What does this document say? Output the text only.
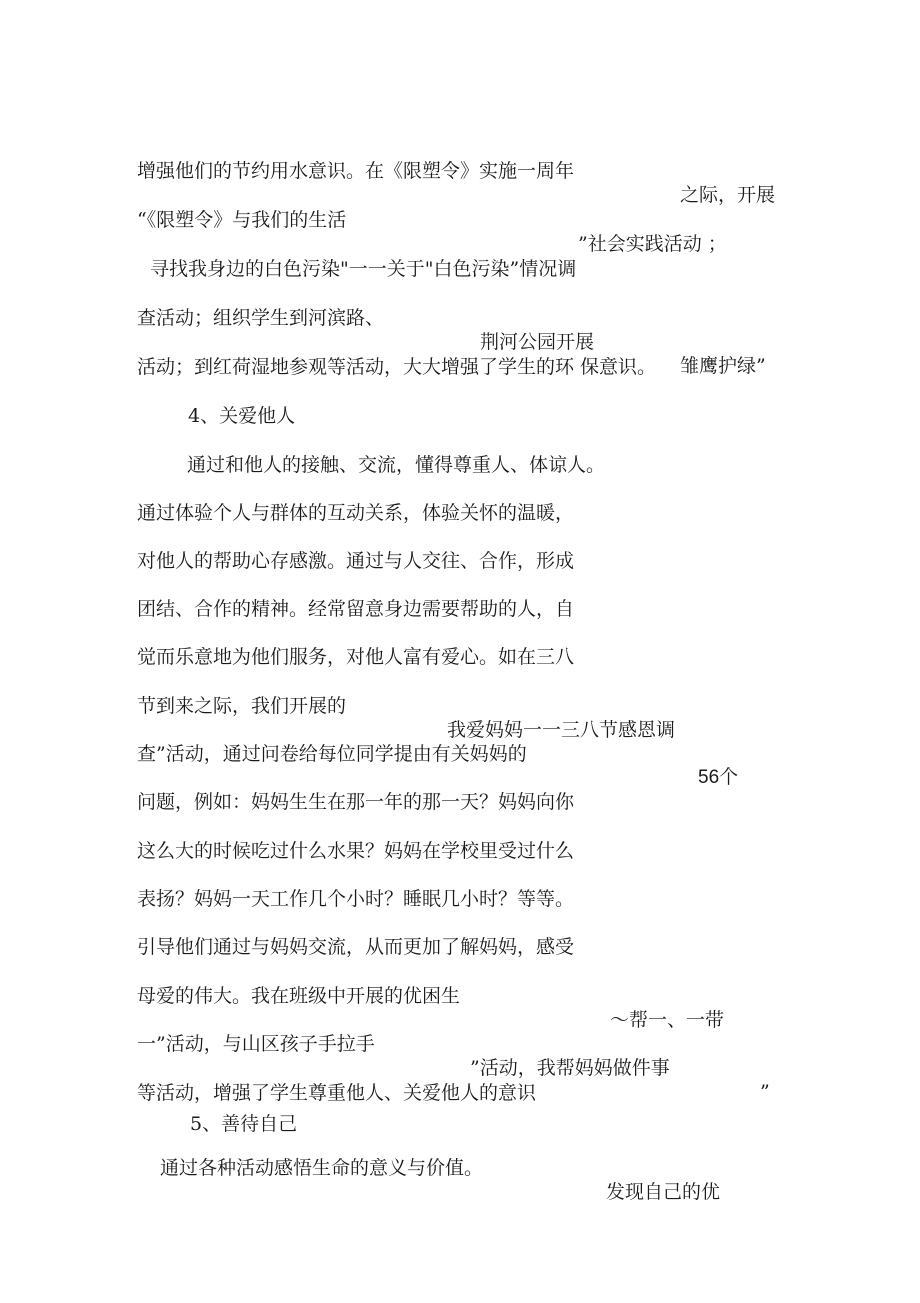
增强他们的节约用水意识。在《限塑令》实施一周年

之际，开展

“《限塑令》与我们的生活

”社会实践活动 ；

寻找我身边的白色污染"一一关于"白色污染”情况调

查活动；组织学生到河滨路、

荆河公园开展

雏鹰护绿”

活动；到红荷湿地参观等活动，大大增强了学生的环 保意识。

4、关爱他人

通过和他人的接触、交流，懂得尊重人、体谅人。

通过体验个人与群体的互动关系，体验关怀的温暖，

对他人的帮助心存感激。通过与人交往、合作，形成

团结、合作的精神。经常留意身边需要帮助的人，自

觉而乐意地为他们服务，对他人富有爱心。如在三八

节到来之际，我们开展的

我爱妈妈一一三八节感恩调

查”活动，通过问卷给每位同学提由有关妈妈的

56个

问题，例如：妈妈生生在那一年的那一天？妈妈向你

这么大的时候吃过什么水果？妈妈在学校里受过什么

表扬？妈妈一天工作几个小时？睡眠几小时？等等。

引导他们通过与妈妈交流，从而更加了解妈妈，感受

母爱的伟大。我在班级中开展的优困生

〜帮一、一带

一”活动，与山区孩子手拉手

”活动，我帮妈妈做件事

”

等活动，增强了学生尊重他人、关爱他人的意识

5、善待自己

通过各种活动感悟生命的意义与价值。

发现自己的优
